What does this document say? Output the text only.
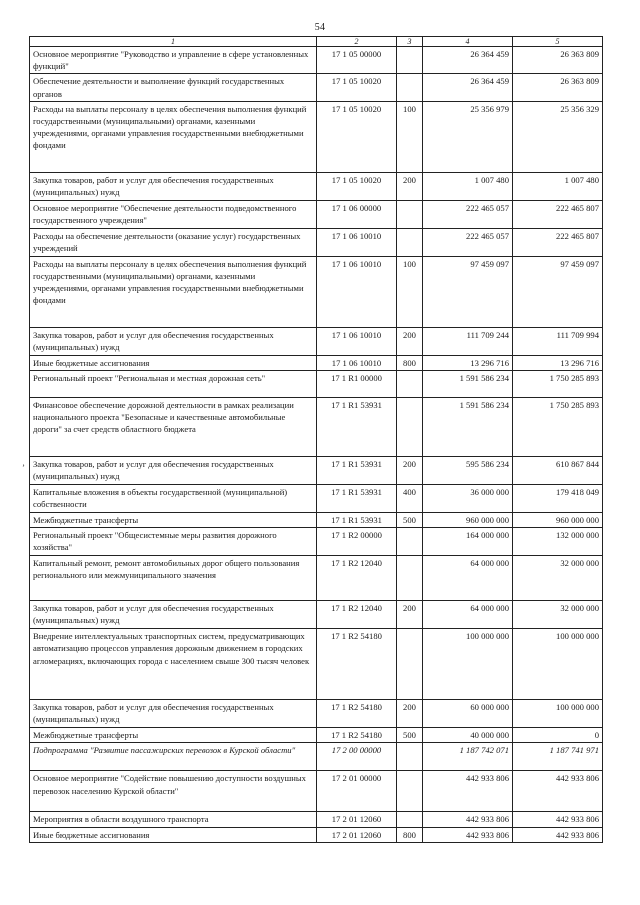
54
1	2	3	4	5
Основное мероприятие "Руководство и управление в сфере установленных функций"	17 1 05 00000		26 364 459	26 363 809
Обеспечение деятельности и выполнение функций государственных органов	17 1 05 10020		26 364 459	26 363 809
Расходы на выплаты персоналу в целях обеспечения выполнения функций государственными (муниципальными) органами, казенными учреждениями, органами управления государственными внебюджетными фондами	17 1 05 10020	100	25 356 979	25 356 329
Закупка товаров, работ и услуг для обеспечения государственных (муниципальных) нужд	17 1 05 10020	200	1 007 480	1 007 480
Основное мероприятие "Обеспечение деятельности подведомственного государственного учреждения"	17 1 06 00000		222 465 057	222 465 807
Расходы на обеспечение деятельности (оказание услуг) государственных учреждений	17 1 06 10010		222 465 057	222 465 807
Расходы на выплаты персоналу в целях обеспечения выполнения функций государственными (муниципальными) органами, казенными учреждениями, органами управления государственными внебюджетными фондами	17 1 06 10010	100	97 459 097	97 459 097
Закупка товаров, работ и услуг для обеспечения государственных (муниципальных) нужд	17 1 06 10010	200	111 709 244	111 709 994
Иные бюджетные ассигнования	17 1 06 10010	800	13 296 716	13 296 716
Региональный проект "Региональная и местная дорожная сеть"	17 1 R1 00000		1 591 586 234	1 750 285 893
Финансовое обеспечение дорожной деятельности в рамках реализации национального проекта "Безопасные и качественные автомобильные дороги" за счет средств областного бюджета	17 1 R1 53931		1 591 586 234	1 750 285 893
Закупка товаров, работ и услуг для обеспечения государственных (муниципальных) нужд	17 1 R1 53931	200	595 586 234	610 867 844
Капитальные вложения в объекты государственной (муниципальной) собственности	17 1 R1 53931	400	36 000 000	179 418 049
Межбюджетные трансферты	17 1 R1 53931	500	960 000 000	960 000 000
Региональный проект "Общесистемные меры развития дорожного хозяйства"	17 1 R2 00000		164 000 000	132 000 000
Капитальный ремонт, ремонт автомобильных дорог общего пользования регионального или межмуниципального значения	17 1 R2 12040		64 000 000	32 000 000
Закупка товаров, работ и услуг для обеспечения государственных (муниципальных) нужд	17 1 R2 12040	200	64 000 000	32 000 000
Внедрение интеллектуальных транспортных систем, предусматривающих автоматизацию процессов управления дорожным движением в городских агломерациях, включающих города с населением свыше 300 тысяч человек	17 1 R2 54180		100 000 000	100 000 000
Закупка товаров, работ и услуг для обеспечения государственных (муниципальных) нужд	17 1 R2 54180	200	60 000 000	100 000 000
Межбюджетные трансферты	17 1 R2 54180	500	40 000 000	0
Подпрограмма "Развитие пассажирских перевозок в Курской области"	17 2 00 00000		1 187 742 071	1 187 741 971
Основное мероприятие "Содействие повышению доступности воздушных перевозок населению Курской области"	17 2 01 00000		442 933 806	442 933 806
Мероприятия в области воздушного транспорта	17 2 01 12060		442 933 806	442 933 806
Иные бюджетные ассигнования	17 2 01 12060	800	442 933 806	442 933 806
’
